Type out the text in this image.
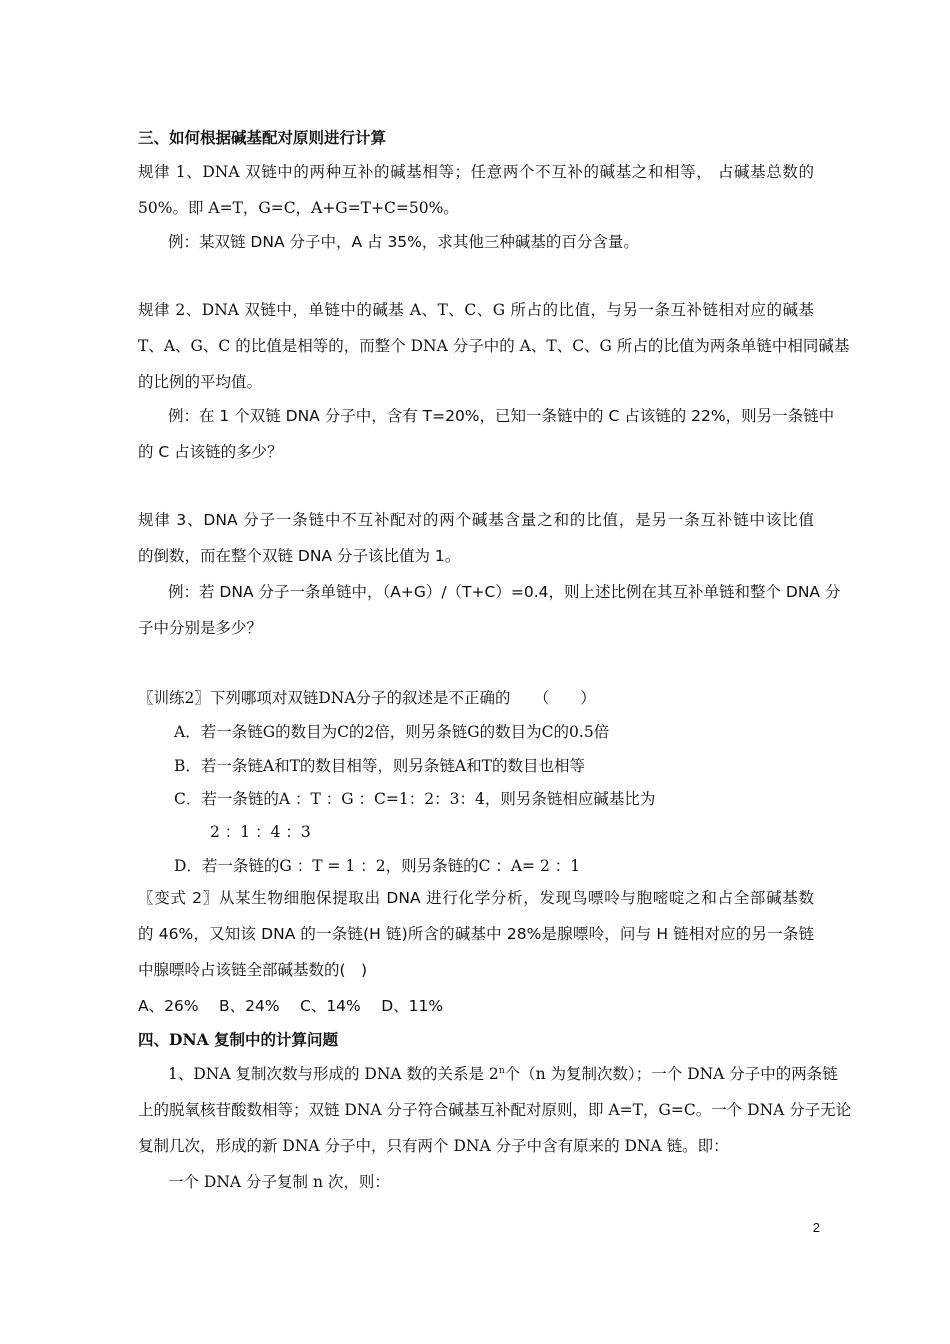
三、如何根据碱基配对原则进行计算
规律 1、DNA 双链中的两种互补的碱基相等；任意两个不互补的碱基之和相等， 占碱基总数的
50%。即 A=T，G=C，A+G=T+C=50%。
例：某双链 DNA 分子中，A 占 35%，求其他三种碱基的百分含量。
规律 2、DNA 双链中，单链中的碱基 A、T、C、G 所占的比值，与另一条互补链相对应的碱基
T、A、G、C 的比值是相等的，而整个 DNA 分子中的 A、T、C、G 所占的比值为两条单链中相同碱基
的比例的平均值。
例：在 1 个双链 DNA 分子中，含有 T=20%，已知一条链中的 C 占该链的 22%，则另一条链中
的 C 占该链的多少？
规律 3、DNA 分子一条链中不互补配对的两个碱基含量之和的比值，是另一条互补链中该比值
的倒数，而在整个双链 DNA 分子该比值为 1。
例：若 DNA 分子一条单链中，（A+G）/（T+C）=0.4，则上述比例在其互补单链和整个 DNA 分
子中分别是多少？
〖训练2〗下列哪项对双链DNA分子的叙述是不正确的　　（　　）
A．若一条链G的数目为C的2倍，则另条链G的数目为C的0.5倍
B．若一条链A和T的数目相等，则另条链A和T的数目也相等
C．若一条链的A ：T ：G ：C=1：2：3：4，则另条链相应碱基比为
2 ：1 ：4 ：3
D．若一条链的G ：T = 1 ：2，则另条链的C ：A= 2 ：1
〖变式 2〗从某生物细胞保提取出 DNA 进行化学分析，发现鸟嘌呤与胞嘧啶之和占全部碱基数
的 46%，又知该 DNA 的一条链(H 链)所含的碱基中 28%是腺嘌呤，问与 H 链相对应的另一条链
中腺嘌呤占该链全部碱基数的(　)
A、26%　 B、24%　 C、14%　 D、11%
四、DNA 复制中的计算问题
1、DNA 复制次数与形成的 DNA 数的关系是 2$^n$个（n 为复制次数）；一个 DNA 分子中的两条链
上的脱氧核苷酸数相等；双链 DNA 分子符合碱基互补配对原则，即 A=T，G=C。一个 DNA 分子无论
复制几次，形成的新 DNA 分子中，只有两个 DNA 分子中含有原来的 DNA 链。即：
一个 DNA 分子复制 n 次，则：
2
